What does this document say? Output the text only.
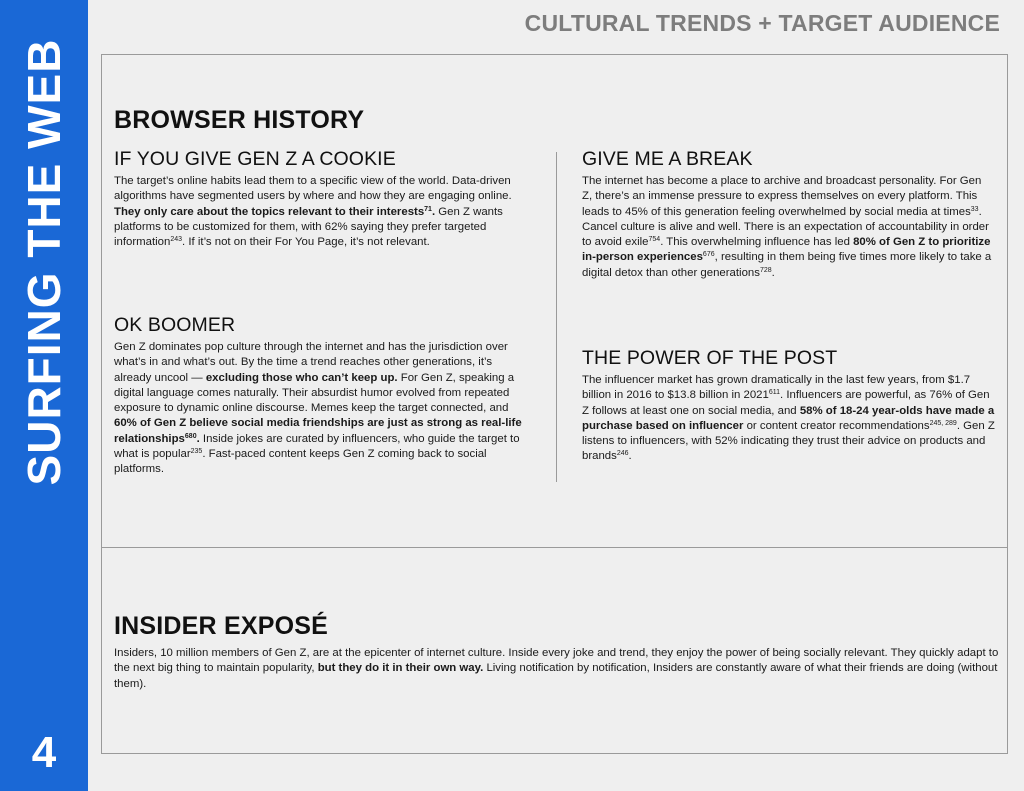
SURFING THE WEB
4
CULTURAL TRENDS + TARGET AUDIENCE
BROWSER HISTORY
IF YOU GIVE GEN Z A COOKIE

The target’s online habits lead them to a specific view of the world. Data-driven algorithms have segmented users by where and how they are engaging online. They only care about the topics relevant to their interests$^{71}$. Gen Z wants platforms to be customized for them, with 62% saying they prefer targeted information$^{243}$. If it’s not on their For You Page, it’s not relevant.

OK BOOMER

Gen Z dominates pop culture through the internet and has the jurisdiction over what’s in and what’s out. By the time a trend reaches other generations, it’s already uncool — excluding those who can’t keep up. For Gen Z, speaking a digital language comes naturally. Their absurdist humor evolved from repeated exposure to dynamic online discourse. Memes keep the target connected, and 60% of Gen Z believe social media friendships are just as strong as real-life relationships$^{680}$. Inside jokes are curated by influencers, who guide the target to what is popular$^{235}$. Fast-paced content keeps Gen Z coming back to social platforms.

GIVE ME A BREAK

The internet has become a place to archive and broadcast personality. For Gen Z, there’s an immense pressure to express themselves on every platform. This leads to 45% of this generation feeling overwhelmed by social media at times$^{33}$. Cancel culture is alive and well. There is an expectation of accountability in order to avoid exile$^{754}$. This overwhelming influence has led 80% of Gen Z to prioritize in-person experiences$^{676}$, resulting in them being five times more likely to take a digital detox than other generations$^{728}$.

THE POWER OF THE POST

The influencer market has grown dramatically in the last few years, from $1.7 billion in 2016 to $13.8 billion in 2021$^{611}$. Influencers are powerful, as 76% of Gen Z follows at least one on social media, and 58% of 18-24 year-olds have made a purchase based on influencer or content creator recommendations$^{245, 289}$. Gen Z listens to influencers, with 52% indicating they trust their advice on products and brands$^{246}$.

INSIDER EXPOSÉ

Insiders, 10 million members of Gen Z, are at the epicenter of internet culture. Inside every joke and trend, they enjoy the power of being socially relevant. They quickly adapt to the next big thing to maintain popularity, but they do it in their own way. Living notification by notification, Insiders are constantly aware of what their friends are doing (without them).
